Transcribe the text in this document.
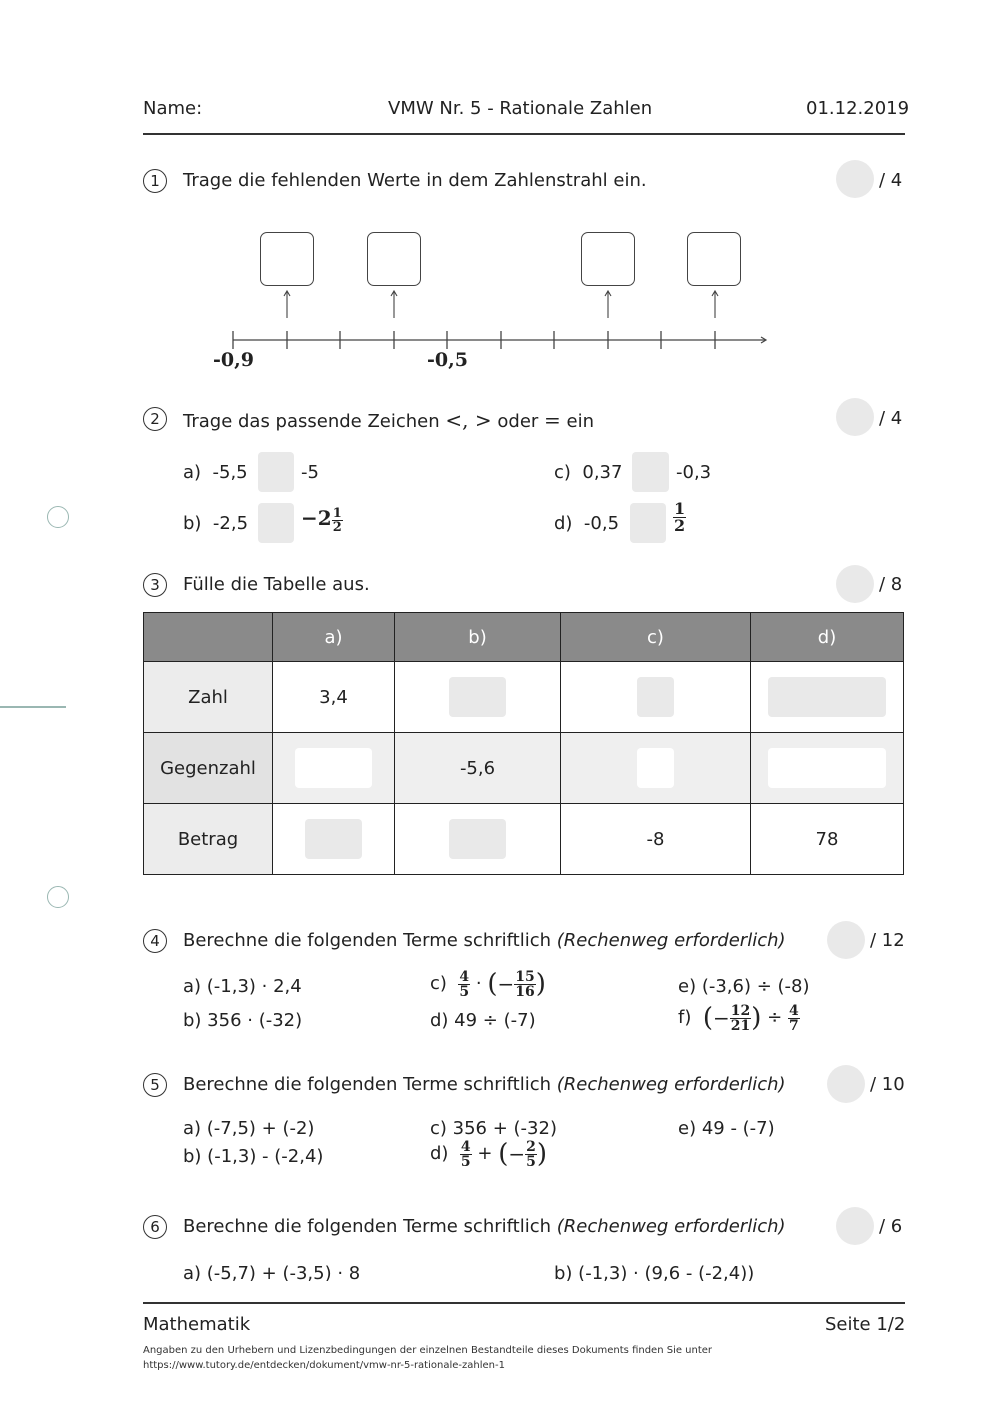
Name:	VMW Nr. 5 - Rationale Zahlen	01.12.2019
1	Trage die fehlenden Werte in dem Zahlenstrahl ein.	/ 4
-0,9	-0,5
2	Trage das passende Zeichen <, > oder = ein	/ 4
a) -5,5	-5	c) 0,37	-0,3
b) -2,5	$-2 \frac{1}{2}$	d) -0,5	$\frac{1}{2}$
3	Fülle die Tabelle aus.	/ 8
	a)	b)	c)	d)
Zahl	3,4			
Gegenzahl		-5,6		
Betrag			-8	78
4	Berechne die folgenden Terme schriftlich (Rechenweg erforderlich)	/ 12
a) (-1,3) · 2,4
b) 356 · (-32)
$c) \frac{4}{5}$ · (− $\frac{15}{16}$ )
d) 49 ÷ (-7)
e) (-3,6) ÷ (-8)
f) (− $\frac{12}{21}$ ) ÷ $\frac{4}{7}$
5	Berechne die folgenden Terme schriftlich (Rechenweg erforderlich)	/ 10
a) (-7,5) + (-2)
b) (-1,3) - (-2,4)
c) 356 + (-32)
$d) \frac{4}{5}$ + (− $\frac{2}{5}$ )
e) 49 - (-7)
6	Berechne die folgenden Terme schriftlich (Rechenweg erforderlich)	/ 6
a) (-5,7) + (-3,5) · 8	b) (-1,3) · (9,6 - (-2,4))
Mathematik	Seite 1/2
Angaben zu den Urhebern und Lizenzbedingungen der einzelnen Bestandteile dieses Dokuments finden Sie unter
https://www.tutory.de/entdecken/dokument/vmw-nr-5-rationale-zahlen-1
